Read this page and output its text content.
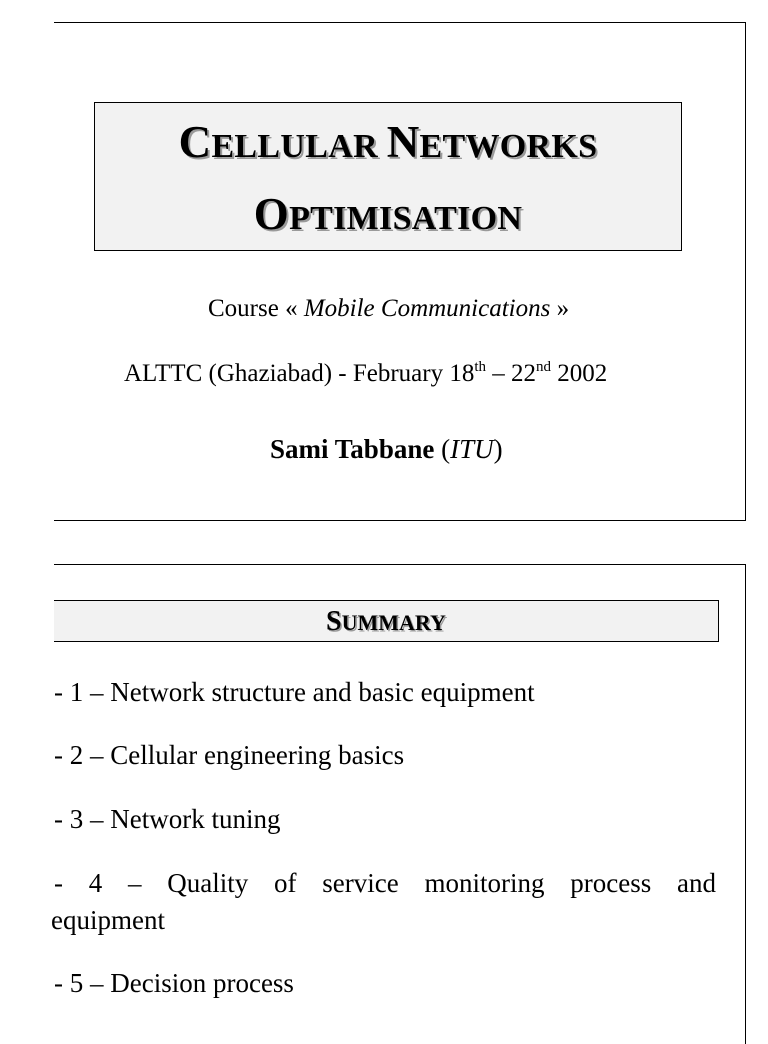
CELLULAR NETWORKS
OPTIMISATION
Course « Mobile Communications »
ALTTC (Ghaziabad) - February 18th – 22nd 2002
Sami Tabbane (ITU)
SUMMARY
- 1 – Network structure and basic equipment
- 2 – Cellular engineering basics
- 3 – Network tuning
- 4 – Quality of service monitoring process and
equipment
- 5 – Decision process
